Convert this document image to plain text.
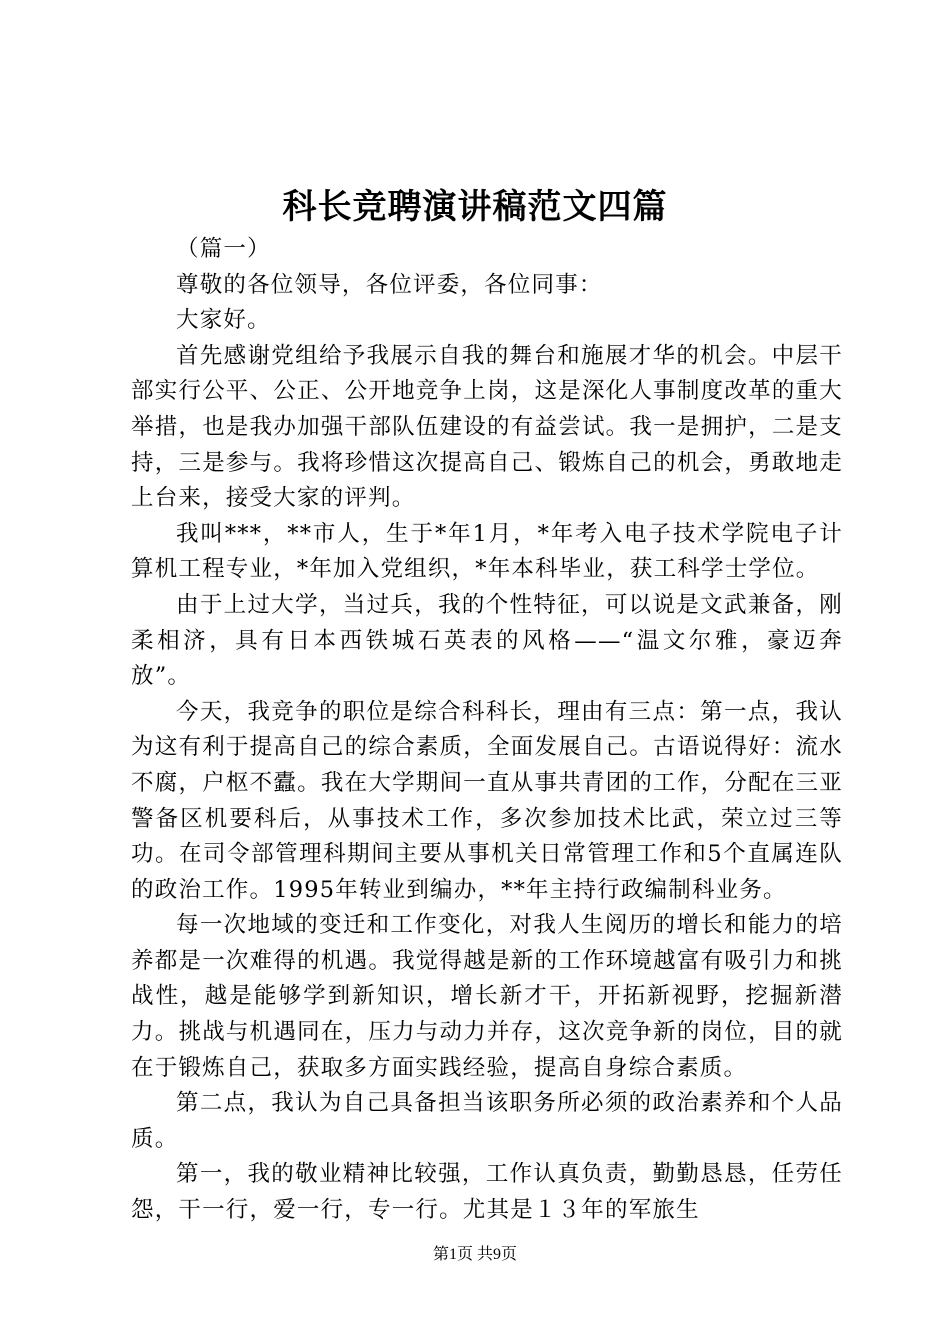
科长竞聘演讲稿范文四篇

（篇一）

尊敬的各位领导，各位评委，各位同事：

大家好。

首先感谢党组给予我展示自我的舞台和施展才华的机会。中层干部实行公平、公正、公开地竞争上岗，这是深化人事制度改革的重大举措，也是我办加强干部队伍建设的有益尝试。我一是拥护，二是支持，三是参与。我将珍惜这次提高自己、锻炼自己的机会，勇敢地走上台来，接受大家的评判。

我叫***，**市人，生于*年1月，*年考入电子技术学院电子计算机工程专业，*年加入党组织，*年本科毕业，获工科学士学位。

由于上过大学，当过兵，我的个性特征，可以说是文武兼备，刚柔相济，具有日本西铁城石英表的风格——“温文尔雅，豪迈奔放”。

今天，我竞争的职位是综合科科长，理由有三点：第一点，我认为这有利于提高自己的综合素质，全面发展自己。古语说得好：流水不腐，户枢不蠹。我在大学期间一直从事共青团的工作，分配在三亚警备区机要科后，从事技术工作，多次参加技术比武，荣立过三等功。在司令部管理科期间主要从事机关日常管理工作和5个直属连队的政治工作。1995年转业到编办，**年主持行政编制科业务。

每一次地域的变迁和工作变化，对我人生阅历的增长和能力的培养都是一次难得的机遇。我觉得越是新的工作环境越富有吸引力和挑战性，越是能够学到新知识，增长新才干，开拓新视野，挖掘新潜力。挑战与机遇同在，压力与动力并存，这次竞争新的岗位，目的就在于锻炼自己，获取多方面实践经验，提高自身综合素质。

第二点，我认为自己具备担当该职务所必须的政治素养和个人品质。

第一，我的敬业精神比较强，工作认真负责，勤勤恳恳，任劳任怨，干一行，爱一行，专一行。尤其是１３年的军旅生

第1页 共9页
